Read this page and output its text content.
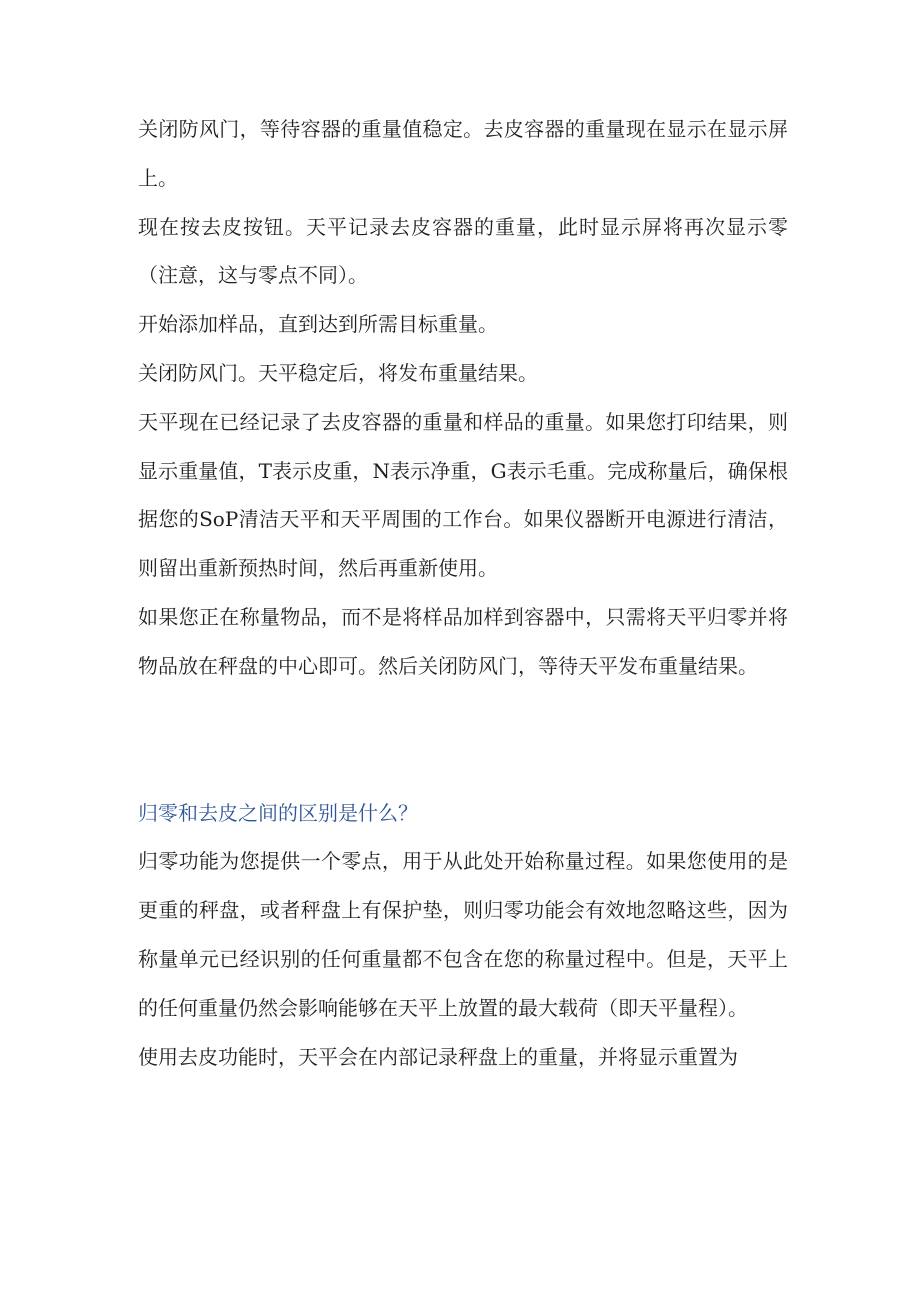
关闭防风门，等待容器的重量值稳定。去皮容器的重量现在显示在显示屏上。

现在按去皮按钮。天平记录去皮容器的重量，此时显示屏将再次显示零（注意，这与零点不同）。

开始添加样品，直到达到所需目标重量。

关闭防风门。天平稳定后，将发布重量结果。

天平现在已经记录了去皮容器的重量和样品的重量。如果您打印结果，则显示重量值，T表示皮重，N表示净重，G表示毛重。完成称量后，确保根据您的SoP清洁天平和天平周围的工作台。如果仪器断开电源进行清洁，则留出重新预热时间，然后再重新使用。

如果您正在称量物品，而不是将样品加样到容器中，只需将天平归零并将物品放在秤盘的中心即可。然后关闭防风门，等待天平发布重量结果。

归零和去皮之间的区别是什么？

归零功能为您提供一个零点，用于从此处开始称量过程。如果您使用的是更重的秤盘，或者秤盘上有保护垫，则归零功能会有效地忽略这些，因为称量单元已经识别的任何重量都不包含在您的称量过程中。但是，天平上的任何重量仍然会影响能够在天平上放置的最大载荷（即天平量程）。

使用去皮功能时，天平会在内部记录秤盘上的重量，并将显示重置为
